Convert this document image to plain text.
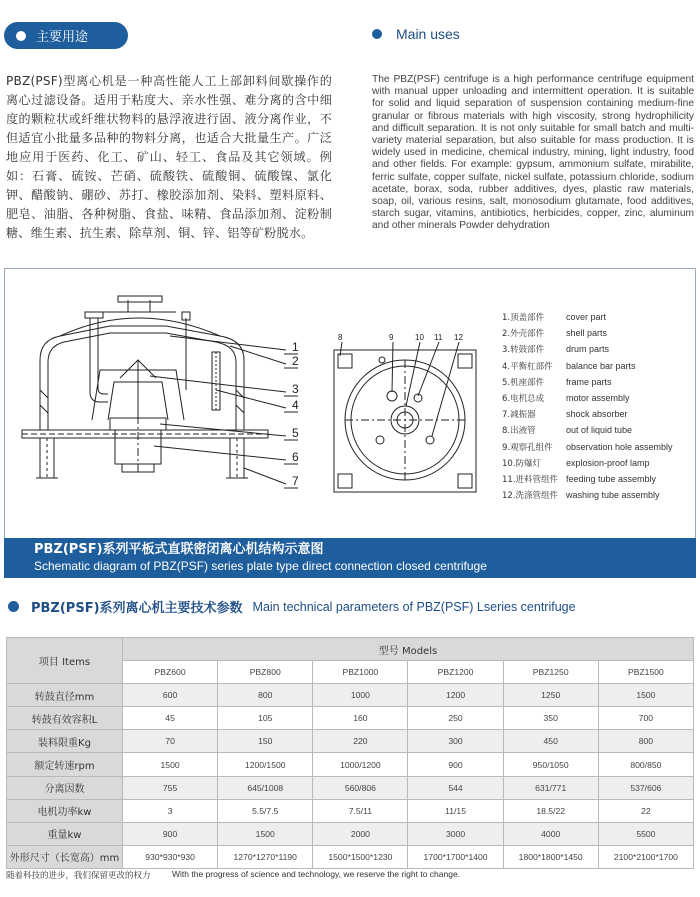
主要用途	Main uses

PBZ(PSF)型离心机是一种高性能人工上部卸料间歇操作的离心过滤设备。适用于粘度大、亲水性强、难分离的含中细度的颗粒状或纤维状物料的悬浮液进行固、液分离作业，不但适宜小批量多品种的物料分离，也适合大批量生产。广泛地应用于医药、化工、矿山、轻工、食品及其它领域。例如：石膏、硫铵、芒硝、硫酸铁、硫酸铜、硫酸镍、氯化钾、醋酸钠、硼砂、苏打、橡胶添加剂、染料、塑料原料、肥皂、油脂、各种树脂、食盐、味精、食品添加剂、淀粉制糖、维生素、抗生素、除草剂、铜、锌、铝等矿粉脱水。

The PBZ(PSF) centrifuge is a high performance centrifuge equipment with manual upper unloading and intermittent operation. It is suitable for solid and liquid separation of suspension containing medium-fine granular or fibrous materials with high viscosity, strong hydrophilicity and difficult separation. It is not only suitable for small batch and multi-variety material separation, but also suitable for mass production. It is widely used in medicine, chemical industry, mining, light industry, food and other fields. For example: gypsum, ammonium sulfate, mirabilite, ferric sulfate, copper sulfate, nickel sulfate, potassium chloride, sodium acetate, borax, soda, rubber additives, dyes, plastic raw materials, soap, oil, various resins, salt, monosodium glutamate, food additives, starch sugar, vitamins, antibiotics, herbicides, copper, zinc, aluminum and other minerals Powder dehydration

1
2
3
4
5
6
7
8	9	10 11 12
1.顶盖部件	cover part
2.外壳部件	shell parts
3.转鼓部件	drum parts
4.平衡杠部件	balance bar parts
5.机座部件	frame parts
6.电机总成	motor assembly
7.减振器	shock absorber
8.出液管	out of liquid tube
9.观察孔组件	observation hole assembly
10.防爆灯	explosion-proof lamp
11.进料管组件 feeding tube assembly
12.洗涤管组件 washing tube assembly
PBZ(PSF)系列平板式直联密闭离心机结构示意图
Schematic diagram of PBZ(PSF) series plate type direct connection closed centrifuge
PBZ(PSF)系列离心机主要技术参数 Main technical parameters of PBZ(PSF) Lseries centrifuge
项目 Items	型号 Models					
	PBZ600	PBZ800	PBZ1000	PBZ1200	PBZ1250	PBZ1500
转鼓直径mm	600	800	1000	1200	1250	1500
转鼓有效容积L	45	105	160	250	350	700
装料限重Kg	70	150	220	300	450	800
额定转速rpm	1500	1200/1500	1000/1200	900	950/1050	800/850
分离因数	755	645/1008	560/806	544	631/771	537/606
电机功率kw	3	5.5/7.5	7.5/11	11/15	18.5/22	22
重量kw	900	1500	2000	3000	4000	5500
外形尺寸（长宽高）mm	930*930*930	1270*1270*1190	1500*1500*1230	1700*1700*1400	1800*1800*1450	2100*2100*1700
随着科技的进步，我们保留更改的权力	With the progress of science and technology, we reserve the right to change.
